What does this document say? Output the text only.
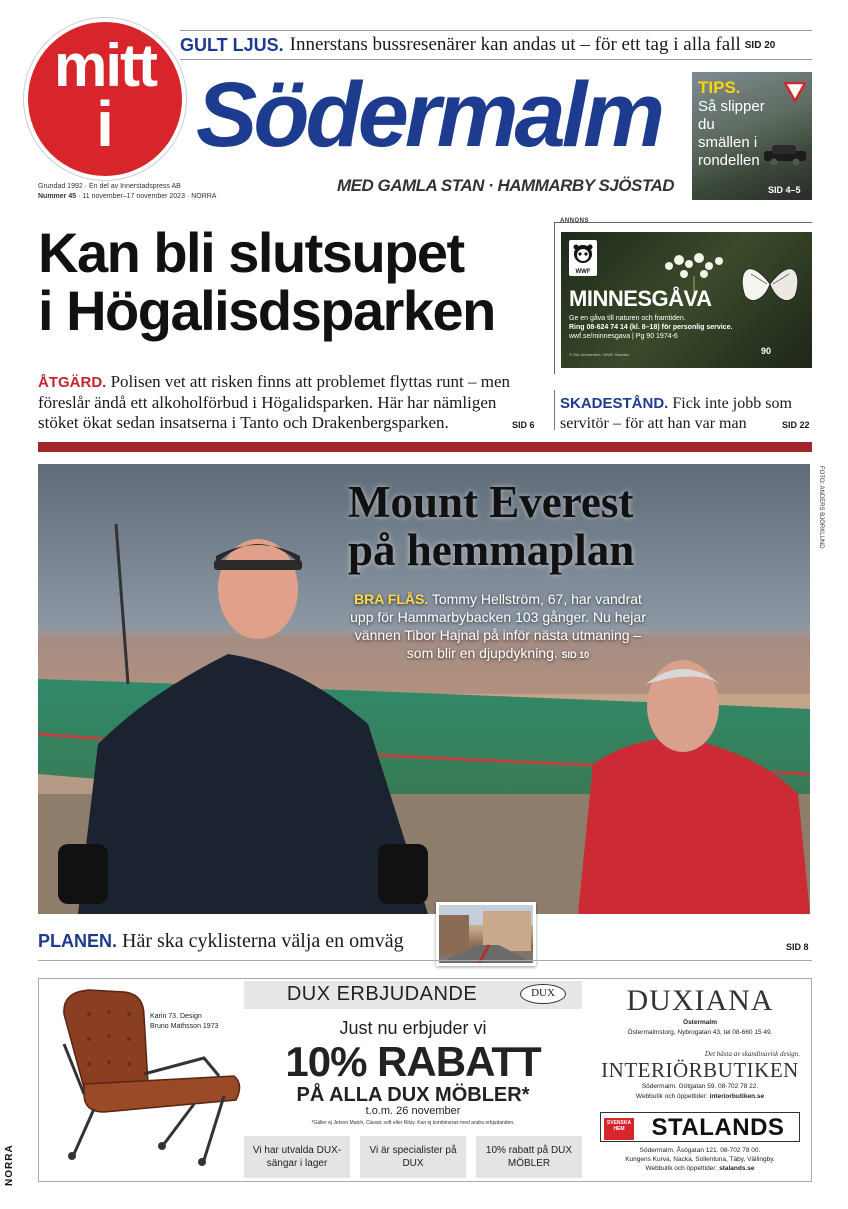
GULT LJUS. Innerstans bussresenärer kan andas ut – för ett tag i alla fall SID 20
mitt
i Södermalm
MED GAMLA STAN · HAMMARBY SJÖSTAD
Grundad 1992 · En del av Innerstadspress AB
Nummer 45 · 11 november–17 november 2023 · NORRA
TIPS.
Så slipper du smällen i rondellen
SID 4–5
Kan bli slutsupet
i Högalisdsparken
ÅTGÄRD. Polisen vet att risken finns att problemet flyttas runt – men föreslår ändå ett alkoholförbud i Högalidsparken. Här har nämligen stöket ökat sedan insatserna i Tanto och Drakenbergsparken.	SID 6
ANNONS
WWF
MINNESGÅVA
Ge en gåva till naturen och framtiden.
Ring 08-624 74 14 (kl. 8–18) för personlig service.
wwf.se/minnesgava | Pg 90 1974-6
© Ola Jennersten / WWF-Sweden	90
SKADESTÅND. Fick inte jobb som servitör – för att han var man	SID 22
FOTO: ANDERS BJÖRKLUND
Mount Everest
på hemmaplan
BRA FLÅS. Tommy Hellström, 67, har vandrat upp för Hammarbybacken 103 gånger. Nu hejar vännen Tibor Hajnal på inför nästa utmaning – som blir en djupdykning. SID 10
PLANEN. Här ska cyklisterna välja en omväg	SID 8
DUX ERBJUDANDE	DUX
Karin 73. Design
Bruno Mathsson 1973	Just nu erbjuder vi
10% RABATT
PÅ ALLA DUX MÖBLER*
t.o.m. 26 november
*Gäller ej Jetson Match, Classic soft eller Ritzy. Kan ej kombineras med andra erbjudanden.
Vi har utvalda DUX-sängar i lager
Vi är specialister på DUX
10% rabatt på DUX MÖBLER
DUXIANA
Östermalm
Östermalmstorg, Nybrogatan 43, tel 08-660 15 49.
Det bästa av skandinavisk design.
INTERIÖRBUTIKEN
Södermalm. Götgatan 59. 08-702 78 22.
Webbutik och öppettider: interiorbutiken.se
SVENSKA HEM	STALANDS
Södermalm. Åsögatan 121. 08-702 78 00.
Kungens Kurva, Nacka, Sollentuna, Täby, Vällingby.
Webbutik och öppettider: stalands.se
NORRA
